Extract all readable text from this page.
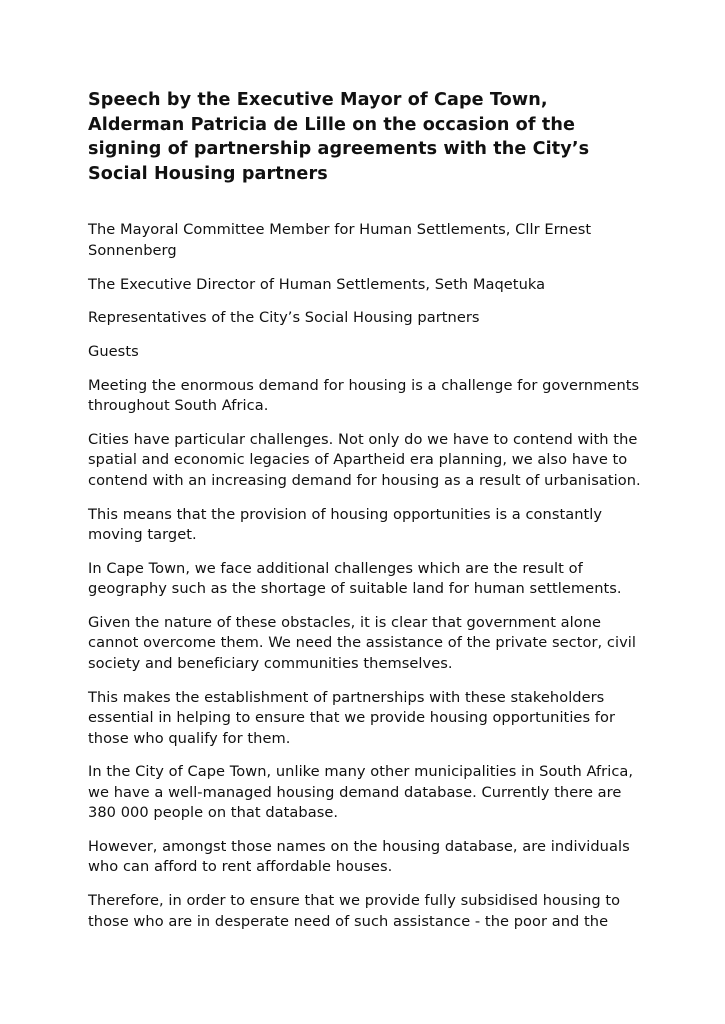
Speech by the Executive Mayor of Cape Town, Alderman Patricia de Lille on the occasion of the signing of partnership agreements with the City’s Social Housing partners

The Mayoral Committee Member for Human Settlements, Cllr Ernest Sonnenberg

The Executive Director of Human Settlements, Seth Maqetuka

Representatives of the City’s Social Housing partners

Guests

Meeting the enormous demand for housing is a challenge for governments throughout South Africa.

Cities have particular challenges. Not only do we have to contend with the spatial and economic legacies of Apartheid era planning, we also have to contend with an increasing demand for housing as a result of urbanisation.

This means that the provision of housing opportunities is a constantly moving target.

In Cape Town, we face additional challenges which are the result of geography such as the shortage of suitable land for human settlements.

Given the nature of these obstacles, it is clear that government alone cannot overcome them. We need the assistance of the private sector, civil society and beneficiary communities themselves.

This makes the establishment of partnerships with these stakeholders essential in helping to ensure that we provide housing opportunities for those who qualify for them.

In the City of Cape Town, unlike many other municipalities in South Africa, we have a well-managed housing demand database. Currently there are 380 000 people on that database.

However, amongst those names on the housing database, are individuals who can afford to rent affordable houses.

Therefore, in order to ensure that we provide fully subsidised housing to those who are in desperate need of such assistance - the poor and the
